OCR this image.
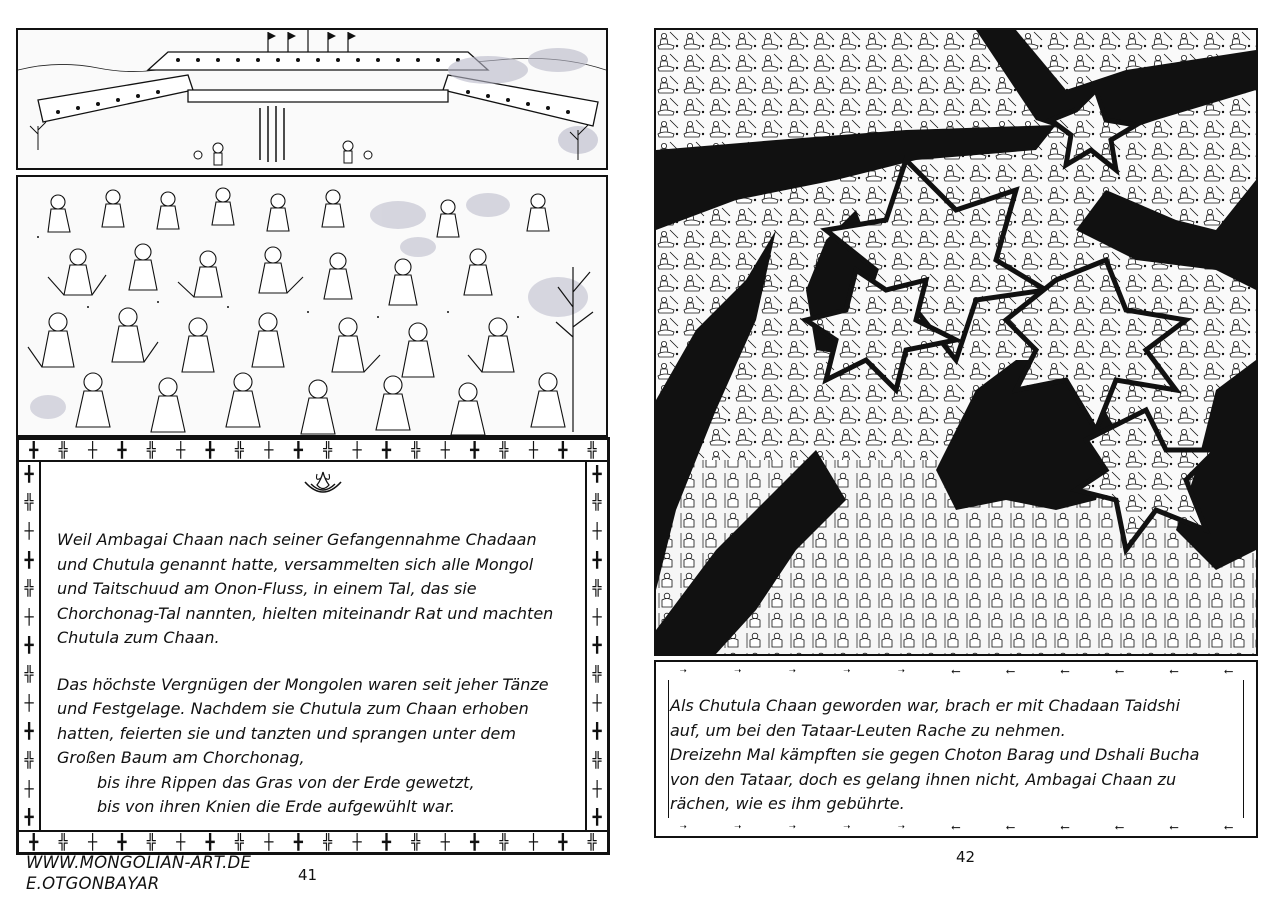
╋ ╬ ┼ ╋ ╬ ┼ ╋ ╬ ┼ ╋ ╬ ┼ ╋ ╬ ┼ ╋ ╬ ┼ ╋ ╬
╋ ╬ ┼ ╋ ╬ ┼ ╋ ╬ ┼ ╋ ╬ ┼ ╋ ╬ ┼ ╋ ╬ ┼ ╋ ╬
╋
╬
┼
╋
╬
┼
╋
╬
┼
╋
╬
┼
╋
╋
╬
┼
╋
╬
┼
╋
╬
┼
╋
╬
┼
╋

Weil Ambagai Chaan nach seiner Gefangennahme Chadaan

und Chutula genannt hatte, versammelten sich alle Mongol

und Taitschuud am Onon-Fluss, in einem Tal, das sie

Chorchonag-Tal nannten, hielten miteinandr Rat und machten

Chutula zum Chaan.

Das höchste Vergnügen der Mongolen waren seit jeher Tänze

und Festgelage. Nachdem sie Chutula zum Chaan erhoben

hatten, feierten sie und tanzten und sprangen unter dem

Großen Baum am Chorchonag,

bis ihre Rippen das Gras von der Erde gewetzt,

bis von ihren Knien die Erde aufgewühlt war.

WWW.MONGOLIAN-ART.DE
E.OTGONBAYAR	41
➝	➝	➝	➝	➝	⟵	⟵	⟵	⟵	⟵	⟵
➝	➝	➝	➝	➝	⟵	⟵	⟵	⟵	⟵	⟵

Als Chutula Chaan geworden war, brach er mit Chadaan Taidshi

auf, um bei den Tataar-Leuten Rache zu nehmen.

Dreizehn Mal kämpften sie gegen Choton Barag und Dshali Bucha

von den Tataar, doch es gelang ihnen nicht, Ambagai Chaan zu

rächen, wie es ihm gebührte.

42
